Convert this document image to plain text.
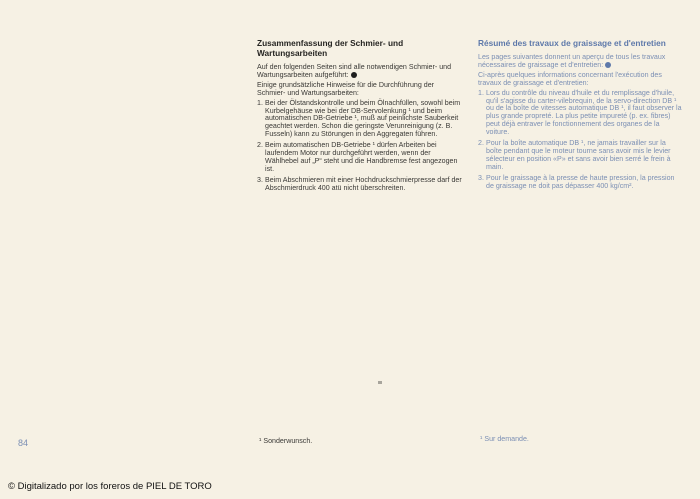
Zusammenfassung der Schmier- und Wartungsarbeiten

Auf den folgenden Seiten sind alle notwendigen Schmier- und Wartungsarbeiten aufgeführt:

Einige grundsätzliche Hinweise für die Durchführung der Schmier- und Wartungsarbeiten:

1. Bei der Ölstandskontrolle und beim Ölnachfüllen, sowohl beim Kurbelgehäuse wie bei der DB-Servolenkung ¹ und beim automatischen DB-Getriebe ¹, muß auf peinlichste Sauberkeit geachtet werden. Schon die geringste Verunreinigung (z. B. Fusseln) kann zu Störungen in den Aggregaten führen.
2. Beim automatischen DB-Getriebe ¹ dürfen Arbeiten bei laufendem Motor nur durchgeführt werden, wenn der Wählhebel auf „P“ steht und die Handbremse fest angezogen ist.
3. Beim Abschmieren mit einer Hochdruckschmierpresse darf der Abschmierdruck 400 atü nicht überschreiten.
Résumé des travaux de graissage et d'entretien

Les pages suivantes donnent un aperçu de tous les travaux nécessaires de graissage et d'entretien:

Ci-après quelques informations concernant l'exécution des travaux de graissage et d'entretien:

1. Lors du contrôle du niveau d'huile et du remplissage d'huile, qu'il s'agisse du carter-vilebrequin, de la servo-direction DB ¹ ou de la boîte de vitesses automatique DB ¹, il faut observer la plus grande propreté. La plus petite impureté (p. ex. fibres) peut déjà entraver le fonctionnement des organes de la voiture.
2. Pour la boîte automatique DB ¹, ne jamais travailler sur la boîte pendant que le moteur tourne sans avoir mis le levier sélecteur en position «P» et sans avoir bien serré le frein à main.
3. Pour le graissage à la presse de haute pression, la pression de graissage ne doit pas dépasser 400 kg/cm².
84	¹ Sonderwunsch.	¹ Sur demande.
© Digitalizado por los foreros de PIEL DE TORO
